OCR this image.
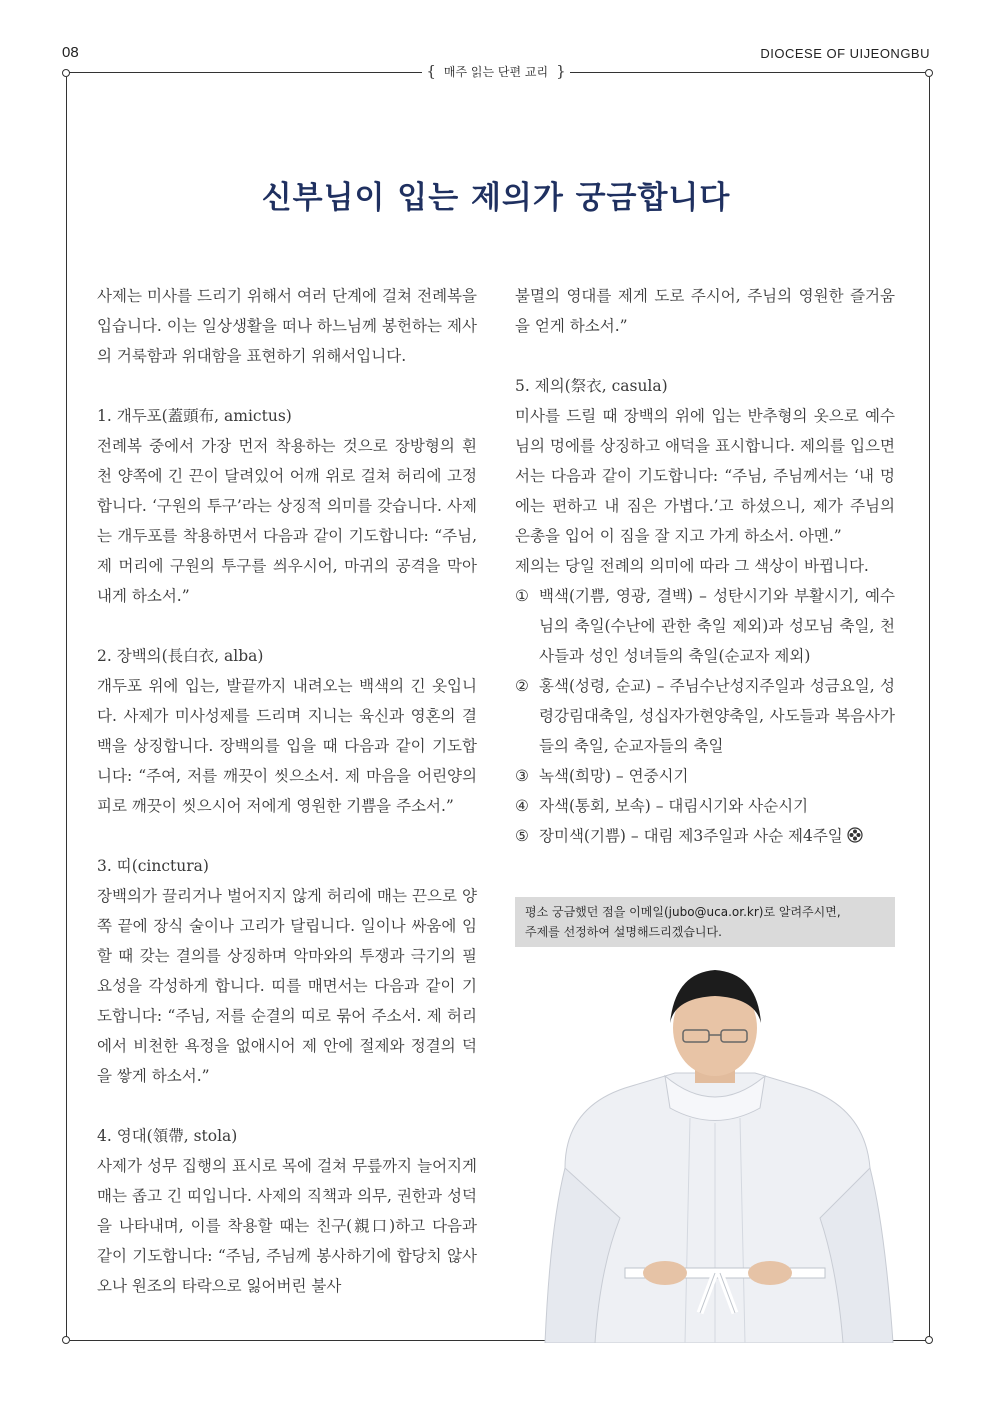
08	DIOCESE OF UIJEONGBU
{ 매주 읽는 단편 교리 }
신부님이 입는 제의가 궁금합니다

사제는 미사를 드리기 위해서 여러 단계에 걸쳐 전례복을 입습니다. 이는 일상생활을 떠나 하느님께 봉헌하는 제사의 거룩함과 위대함을 표현하기 위해서입니다.

1. 개두포(蓋頭布, amictus)

전례복 중에서 가장 먼저 착용하는 것으로 장방형의 흰 천 양쪽에 긴 끈이 달려있어 어깨 위로 걸쳐 허리에 고정합니다. ‘구원의 투구’라는 상징적 의미를 갖습니다. 사제는 개두포를 착용하면서 다음과 같이 기도합니다: “주님, 제 머리에 구원의 투구를 씌우시어, 마귀의 공격을 막아 내게 하소서.”

2. 장백의(長白衣, alba)

개두포 위에 입는, 발끝까지 내려오는 백색의 긴 옷입니다. 사제가 미사성제를 드리며 지니는 육신과 영혼의 결백을 상징합니다. 장백의를 입을 때 다음과 같이 기도합니다: “주여, 저를 깨끗이 씻으소서. 제 마음을 어린양의 피로 깨끗이 씻으시어 저에게 영원한 기쁨을 주소서.”

3. 띠(cinctura)

장백의가 끌리거나 벌어지지 않게 허리에 매는 끈으로 양쪽 끝에 장식 술이나 고리가 달립니다. 일이나 싸움에 임할 때 갖는 결의를 상징하며 악마와의 투쟁과 극기의 필요성을 각성하게 합니다. 띠를 매면서는 다음과 같이 기도합니다: “주님, 저를 순결의 띠로 묶어 주소서. 제 허리에서 비천한 욕정을 없애시어 제 안에 절제와 정결의 덕을 쌓게 하소서.”

4. 영대(領帶, stola)

사제가 성무 집행의 표시로 목에 걸쳐 무릎까지 늘어지게 매는 좁고 긴 띠입니다. 사제의 직책과 의무, 권한과 성덕을 나타내며, 이를 착용할 때는 친구(親口)하고 다음과 같이 기도합니다: “주님, 주님께 봉사하기에 합당치 않사오나 원조의 타락으로 잃어버린 불사

불멸의 영대를 제게 도로 주시어, 주님의 영원한 즐거움을 얻게 하소서.”

5. 제의(祭衣, casula)

미사를 드릴 때 장백의 위에 입는 반추형의 옷으로 예수님의 멍에를 상징하고 애덕을 표시합니다. 제의를 입으면서는 다음과 같이 기도합니다: “주님, 주님께서는 ‘내 멍에는 편하고 내 짐은 가볍다.’고 하셨으니, 제가 주님의 은총을 입어 이 짐을 잘 지고 가게 하소서. 아멘.”

제의는 당일 전례의 의미에 따라 그 색상이 바뀝니다.

① 백색(기쁨, 영광, 결백) – 성탄시기와 부활시기, 예수님의 축일(수난에 관한 축일 제외)과 성모님 축일, 천사들과 성인 성녀들의 축일(순교자 제외)
② 홍색(성령, 순교) – 주님수난성지주일과 성금요일, 성령강림대축일, 성십자가현양축일, 사도들과 복음사가들의 축일, 순교자들의 축일
③ 녹색(희망) – 연중시기
④ 자색(통회, 보속) – 대림시기와 사순시기
⑤ 장미색(기쁨) – 대림 제3주일과 사순 제4주일

평소 궁금했던 점을 이메일(jubo@uca.or.kr)로 알려주시면,

주제를 선정하여 설명해드리겠습니다.
